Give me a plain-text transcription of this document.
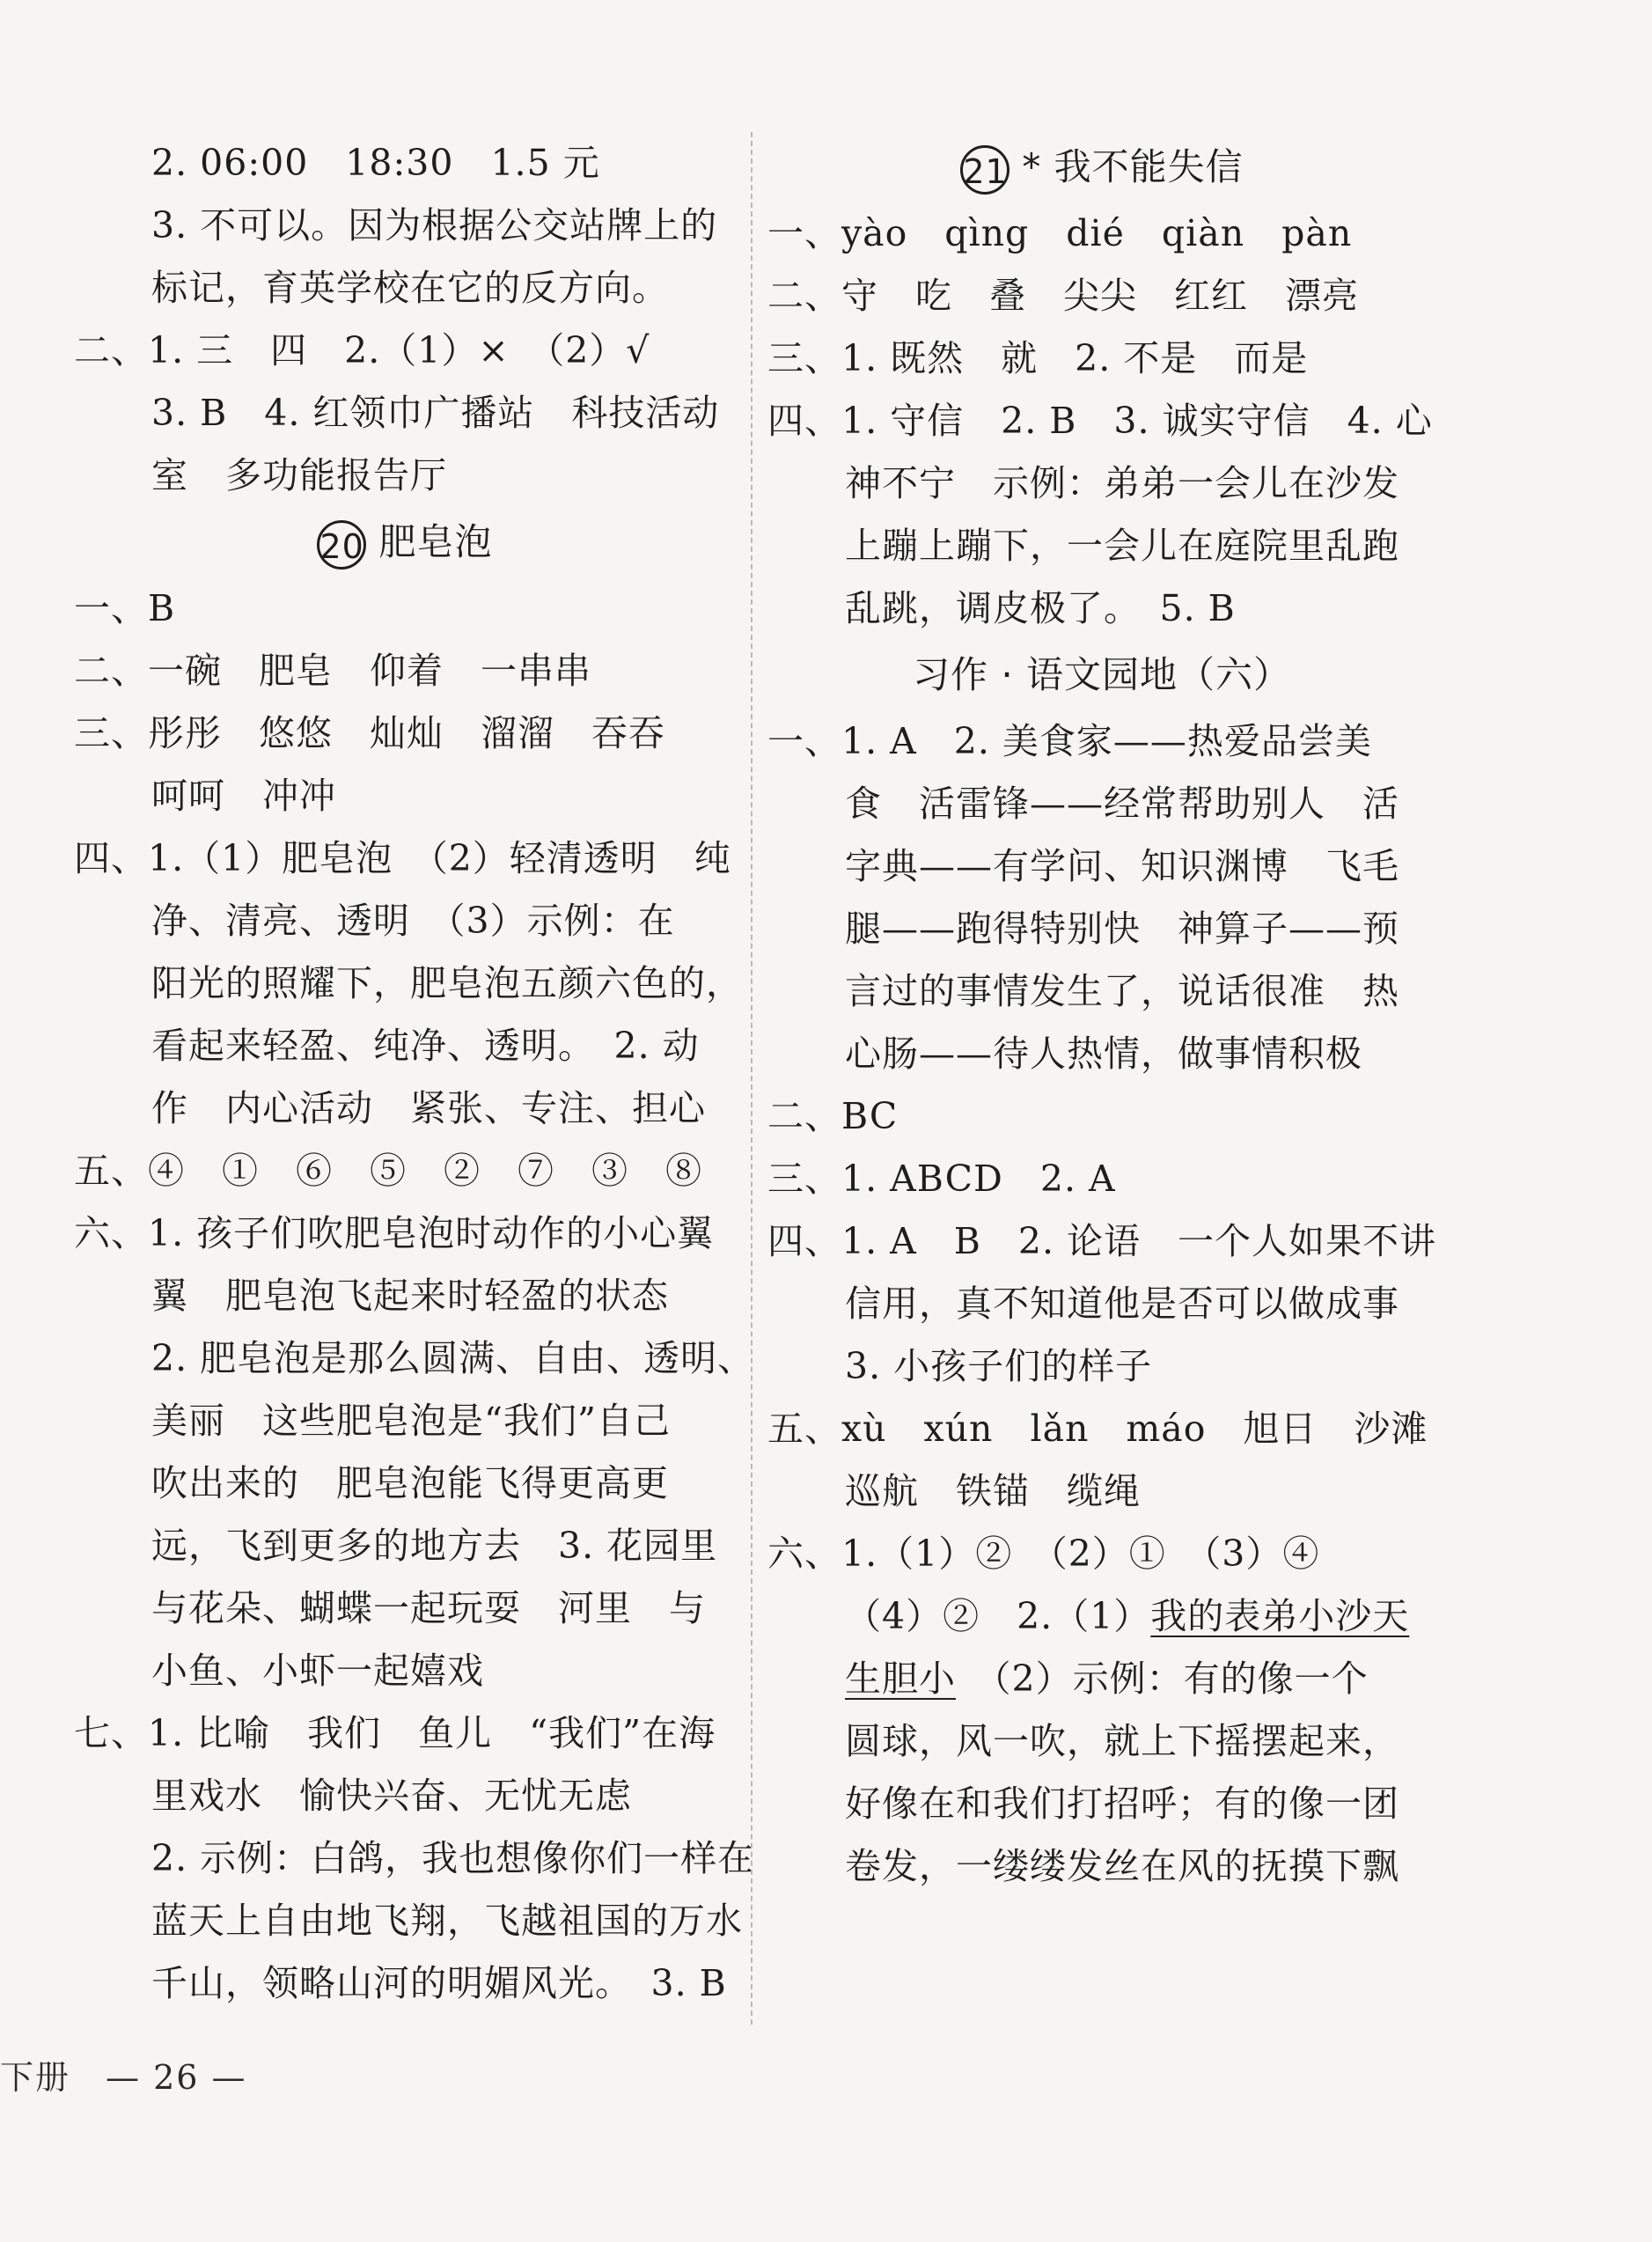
2. 06:00　18:30　1.5 元
3. 不可以。因为根据公交站牌上的
标记，育英学校在它的反方向。
二、1. 三　四　2.（1）×　（2）√
3. B　4. 红领巾广播站　科技活动
室　多功能报告厅
20 肥皂泡
一、B
二、一碗　肥皂　仰着　一串串
三、彤彤　悠悠　灿灿　溜溜　吞吞
呵呵　冲冲
四、1.（1）肥皂泡　（2）轻清透明　纯
净、清亮、透明　（3）示例：在
阳光的照耀下，肥皂泡五颜六色的，
看起来轻盈、纯净、透明。　2. 动
作　内心活动　紧张、专注、担心
五、④　①　⑥　⑤　②　⑦　③　⑧
六、1. 孩子们吹肥皂泡时动作的小心翼
翼　肥皂泡飞起来时轻盈的状态
2. 肥皂泡是那么圆满、自由、透明、
美丽　这些肥皂泡是“我们”自己
吹出来的　肥皂泡能飞得更高更
远，飞到更多的地方去　3. 花园里
与花朵、蝴蝶一起玩耍　河里　与
小鱼、小虾一起嬉戏
七、1. 比喻　我们　鱼儿　“我们”在海
里戏水　愉快兴奋、无忧无虑
2. 示例：白鸽，我也想像你们一样在
蓝天上自由地飞翔，飞越祖国的万水
千山，领略山河的明媚风光。　3. B
21 * 我不能失信
一、yào　qìng　dié　qiàn　pàn
二、守　吃　叠　尖尖　红红　漂亮
三、1. 既然　就　2. 不是　而是
四、1. 守信　2. B　3. 诚实守信　4. 心
神不宁　示例：弟弟一会儿在沙发
上蹦上蹦下，一会儿在庭院里乱跑
乱跳，调皮极了。　5. B
习作 · 语文园地（六）
一、1. A　2. 美食家——热爱品尝美
食　活雷锋——经常帮助别人　活
字典——有学问、知识渊博　飞毛
腿——跑得特别快　神算子——预
言过的事情发生了，说话很准　热
心肠——待人热情，做事情积极
二、BC
三、1. ABCD　2. A
四、1. A　B　2. 论语　一个人如果不讲
信用，真不知道他是否可以做成事
3. 小孩子们的样子
五、xù　xún　lǎn　máo　旭日　沙滩
巡航　铁锚　缆绳
六、1.（1）②　（2）①　（3）④
（4）②　2.（1）我的表弟小沙天
生胆小　（2）示例：有的像一个
圆球，风一吹，就上下摇摆起来，
好像在和我们打招呼；有的像一团
卷发，一缕缕发丝在风的抚摸下飘
下册　— 26 —
